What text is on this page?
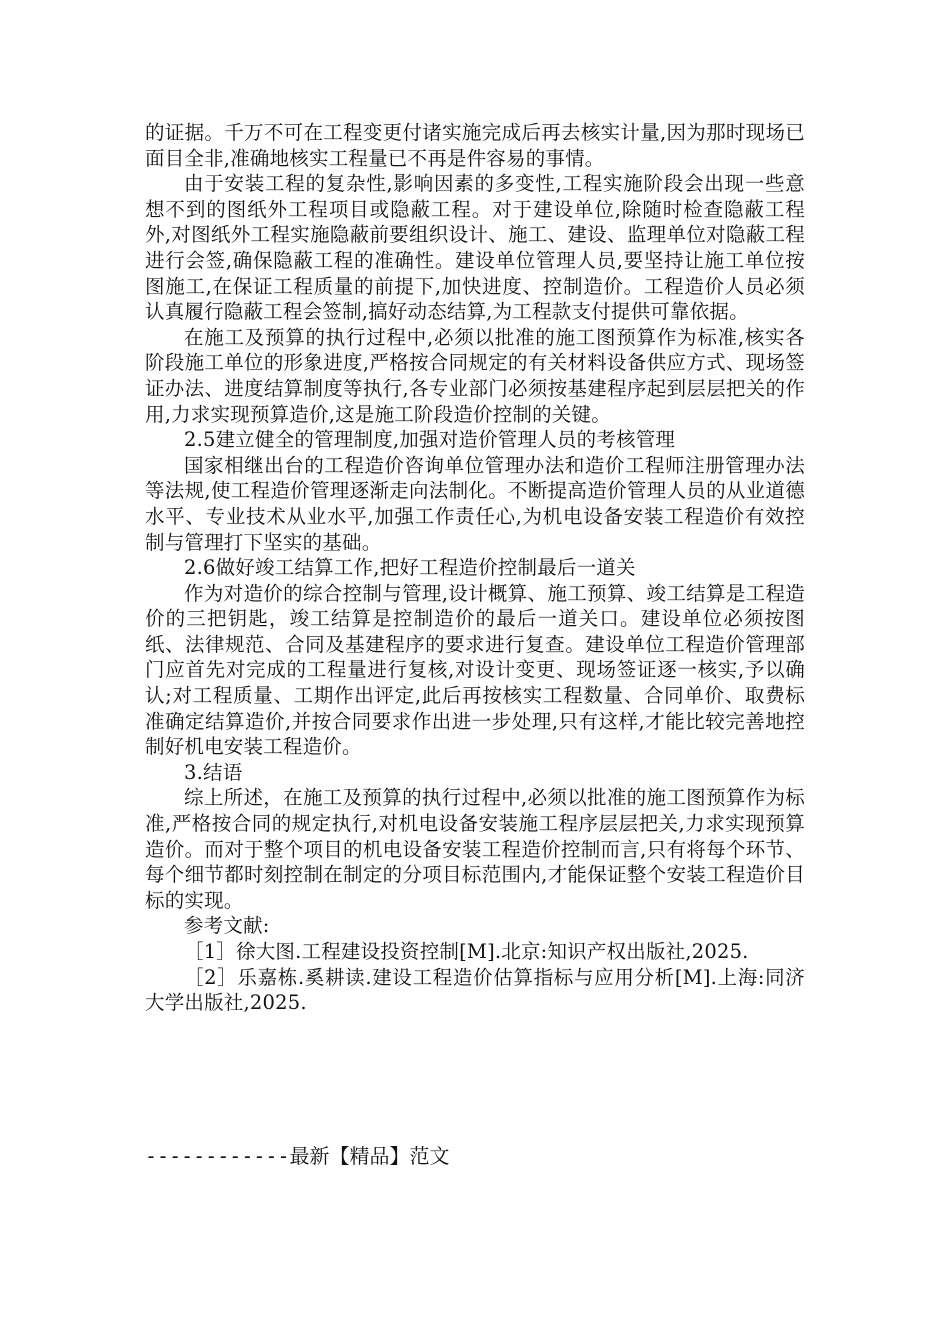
的证据。千万不可在工程变更付诸实施完成后再去核实计量,因为那时现场已面目全非,准确地核实工程量已不再是件容易的事情。

由于安装工程的复杂性,影响因素的多变性,工程实施阶段会出现一些意想不到的图纸外工程项目或隐蔽工程。对于建设单位,除随时检查隐蔽工程外,对图纸外工程实施隐蔽前要组织设计、施工、建设、监理单位对隐蔽工程进行会签,确保隐蔽工程的准确性。建设单位管理人员,要坚持让施工单位按图施工,在保证工程质量的前提下,加快进度、控制造价。工程造价人员必须认真履行隐蔽工程会签制,搞好动态结算,为工程款支付提供可靠依据。

在施工及预算的执行过程中,必须以批准的施工图预算作为标准,核实各阶段施工单位的形象进度,严格按合同规定的有关材料设备供应方式、现场签证办法、进度结算制度等执行,各专业部门必须按基建程序起到层层把关的作用,力求实现预算造价,这是施工阶段造价控制的关键。

2.5建立健全的管理制度,加强对造价管理人员的考核管理

国家相继出台的工程造价咨询单位管理办法和造价工程师注册管理办法等法规,使工程造价管理逐渐走向法制化。不断提高造价管理人员的从业道德水平、专业技术从业水平,加强工作责任心,为机电设备安装工程造价有效控制与管理打下坚实的基础。

2.6做好竣工结算工作,把好工程造价控制最后一道关

作为对造价的综合控制与管理,设计概算、施工预算、竣工结算是工程造价的三把钥匙，竣工结算是控制造价的最后一道关口。建设单位必须按图纸、法律规范、合同及基建程序的要求进行复查。建设单位工程造价管理部门应首先对完成的工程量进行复核,对设计变更、现场签证逐一核实,予以确认;对工程质量、工期作出评定,此后再按核实工程数量、合同单价、取费标准确定结算造价,并按合同要求作出进一步处理,只有这样,才能比较完善地控制好机电安装工程造价。

3.结语

综上所述，在施工及预算的执行过程中,必须以批准的施工图预算作为标准,严格按合同的规定执行,对机电设备安装施工程序层层把关,力求实现预算造价。而对于整个项目的机电设备安装工程造价控制而言,只有将每个环节、每个细节都时刻控制在制定的分项目标范围内,才能保证整个安装工程造价目标的实现。

参考文献:

［1］徐大图.工程建设投资控制[M].北京:知识产权出版社,2025.

［2］乐嘉栋.奚耕读.建设工程造价估算指标与应用分析[M].上海:同济大学出版社,2025.

------------最新【精品】范文
